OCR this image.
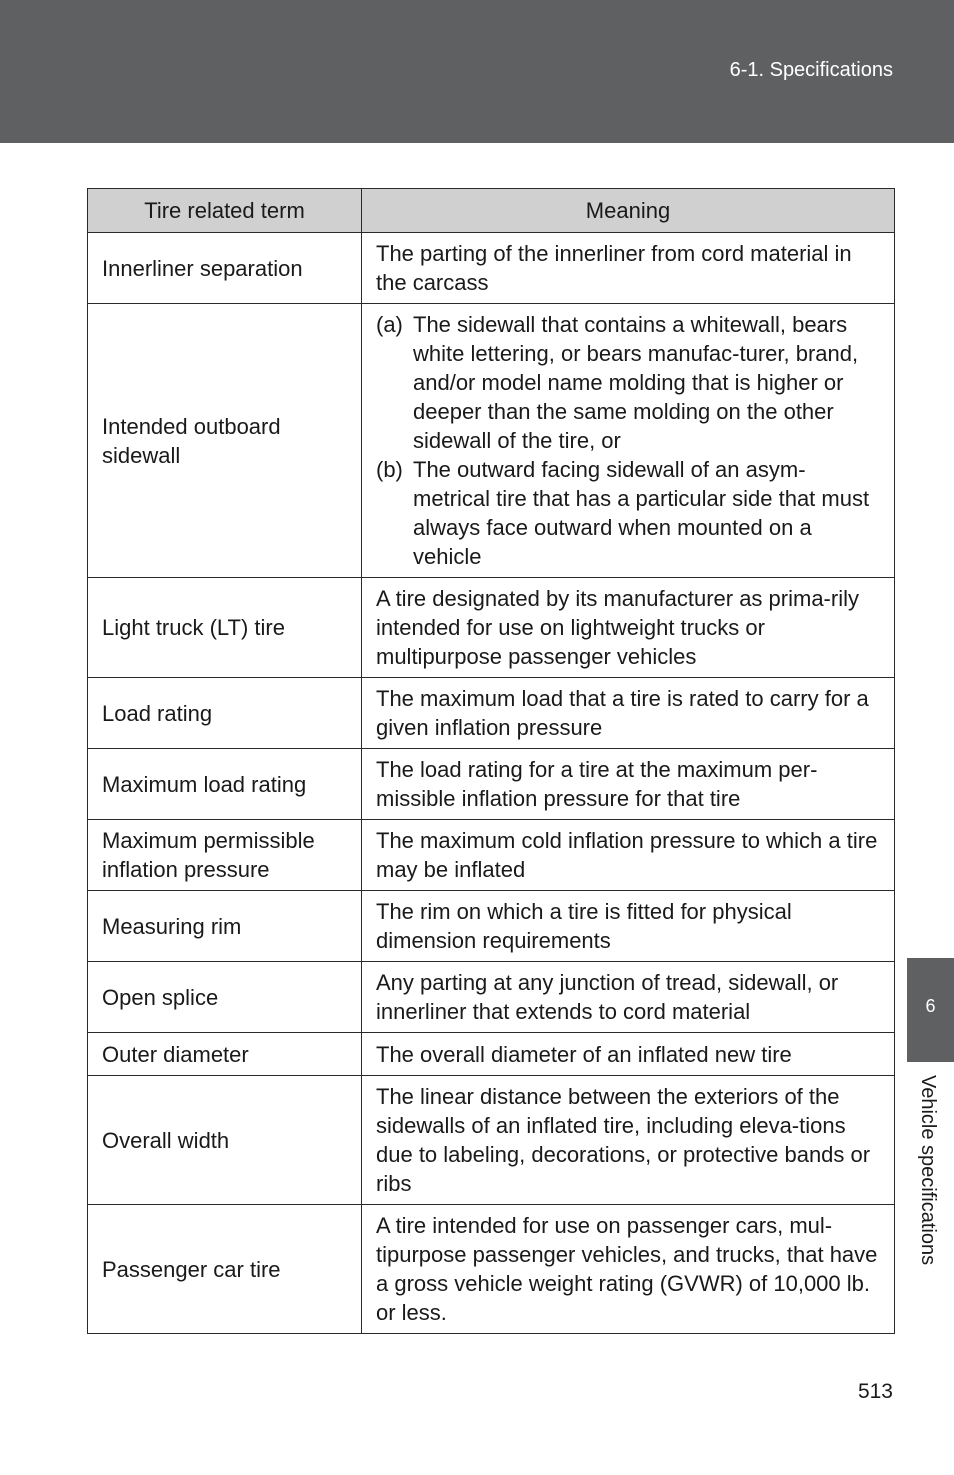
6-1. Specifications
Tire related term	Meaning
Innerliner separation	The parting of the innerliner from cord material in the carcass
Intended outboard sidewall	(a) The sidewall that contains a whitewall, bears white lettering, or bears manufac-turer, brand, and/or model name molding that is higher or deeper than the same molding on the other sidewall of the tire, or
(b) The outward facing sidewall of an asym-metrical tire that has a particular side that must always face outward when mounted on a vehicle

Light truck (LT) tire	A tire designated by its manufacturer as prima-rily intended for use on lightweight trucks or multipurpose passenger vehicles
Load rating	The maximum load that a tire is rated to carry for a given inflation pressure
Maximum load rating	The load rating for a tire at the maximum per-missible inflation pressure for that tire
Maximum permissible inflation pressure	The maximum cold inflation pressure to which a tire may be inflated
Measuring rim	The rim on which a tire is fitted for physical dimension requirements
Open splice	Any parting at any junction of tread, sidewall, or innerliner that extends to cord material
Outer diameter	The overall diameter of an inflated new tire
Overall width	The linear distance between the exteriors of the sidewalls of an inflated tire, including eleva-tions due to labeling, decorations, or protective bands or ribs
Passenger car tire	A tire intended for use on passenger cars, mul-tipurpose passenger vehicles, and trucks, that have a gross vehicle weight rating (GVWR) of 10,000 lb. or less.
6
Vehicle specifications
513
